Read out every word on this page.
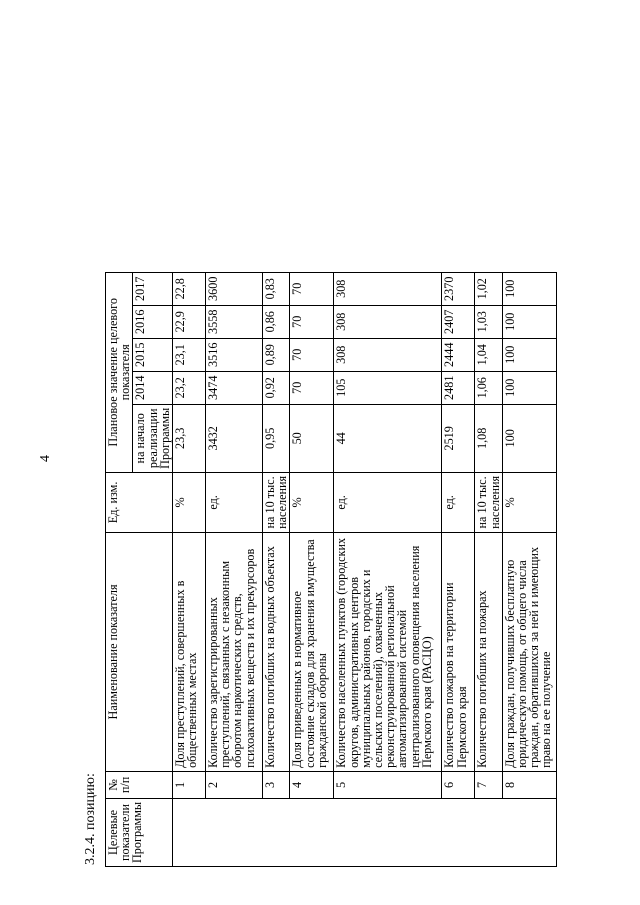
4
3.2.4. позицию: Целевые показатели Программы	№ п/п	Наименование показателя	Ед. изм.	Плановое значение целевого показателя				
				на начало реализации Программы	2014	2015	2016	2017
	1	Доля преступлений, совершенных в общественных местах	%	23,3	23,2	23,1	22,9	22,8
	2	Количество зарегистрированных преступлений, связанных с незаконным оборотом наркотических средств, психоактивных веществ и их прекурсоров	ед.	3432	3474	3516	3558	3600
	3	Количество погибших на водных объектах	на 10 тыс. населения	0,95	0,92	0,89	0,86	0,83
	4	Доля приведенных в нормативное состояние складов для хранения имущества гражданской обороны	%	50	70	70	70	70
	5	Количество населенных пунктов (городских округов, административных центров муниципальных районов, городских и сельских поселений), охваченных реконструированной региональной автоматизированной системой централизованного оповещения населения Пермского края (РАСЦО)	ед.	44	105	308	308	308
	6	Количество пожаров на территории Пермского края	ед.	2519	2481	2444	2407	2370
	7	Количество погибших на пожарах	на 10 тыс. населения	1,08	1,06	1,04	1,03	1,02
	8	Доля граждан, получивших бесплатную юридическую помощь, от общего числа граждан, обратившихся за ней и имеющих право на ее получение	%	100	100	100	100	100
